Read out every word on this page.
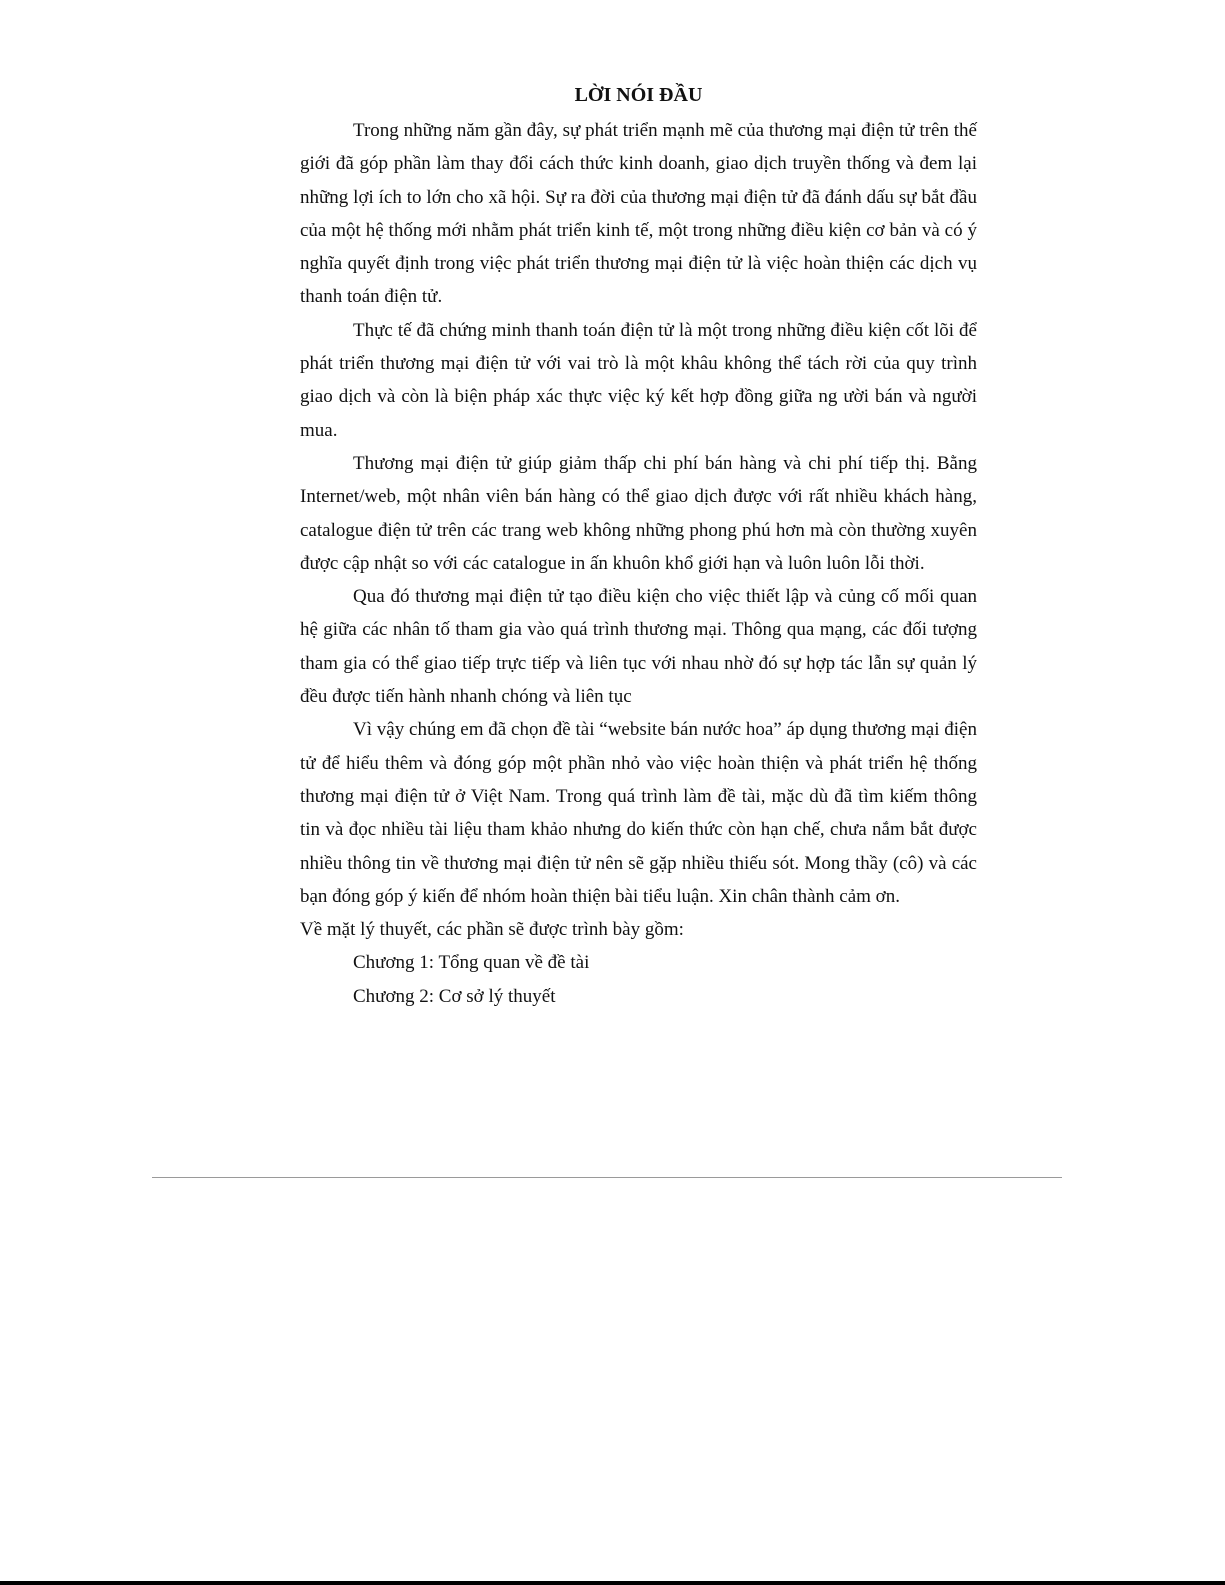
LỜI NÓI ĐẦU

Trong những năm gần đây, sự phát triển mạnh mẽ của thương mại điện tử trên thế giới đã góp phần làm thay đổi cách thức kinh doanh, giao dịch truyền thống và đem lại những lợi ích to lớn cho xã hội. Sự ra đời của thương mại điện tử đã đánh dấu sự bắt đầu của một hệ thống mới nhằm phát triển kinh tế, một trong những điều kiện cơ bản và có ý nghĩa quyết định trong việc phát triển thương mại điện tử là việc hoàn thiện các dịch vụ thanh toán điện tử.

Thực tế đã chứng minh thanh toán điện tử là một trong những điều kiện cốt lõi để phát triển thương mại điện tử với vai trò là một khâu không thể tách rời của quy trình giao dịch và còn là biện pháp xác thực việc ký kết hợp đồng giữa ng ười bán và người mua.

Thương mại điện tử giúp giảm thấp chi phí bán hàng và chi phí tiếp thị. Bằng Internet/web, một nhân viên bán hàng có thể giao dịch được với rất nhiều khách hàng, catalogue điện tử trên các trang web không những phong phú hơn mà còn thường xuyên được cập nhật so với các catalogue in ấn khuôn khổ giới hạn và luôn luôn lỗi thời.

Qua đó thương mại điện tử tạo điều kiện cho việc thiết lập và củng cố mối quan hệ giữa các nhân tố tham gia vào quá trình thương mại. Thông qua mạng, các đối tượng tham gia có thể giao tiếp trực tiếp và liên tục với nhau nhờ đó sự hợp tác lẫn sự quản lý đều được tiến hành nhanh chóng và liên tục

Vì vậy chúng em đã chọn đề tài “website bán nước hoa” áp dụng thương mại điện tử để hiểu thêm và đóng góp một phần nhỏ vào việc hoàn thiện và phát triển hệ thống thương mại điện tử ở Việt Nam. Trong quá trình làm đề tài, mặc dù đã tìm kiếm thông tin và đọc nhiều tài liệu tham khảo nhưng do kiến thức còn hạn chế, chưa nắm bắt được nhiều thông tin về thương mại điện tử nên sẽ gặp nhiều thiếu sót. Mong thầy (cô) và các bạn đóng góp ý kiến để nhóm hoàn thiện bài tiểu luận. Xin chân thành cảm ơn.

Về mặt lý thuyết, các phần sẽ được trình bày gồm:

Chương 1: Tổng quan về đề tài

Chương 2: Cơ sở lý thuyết
